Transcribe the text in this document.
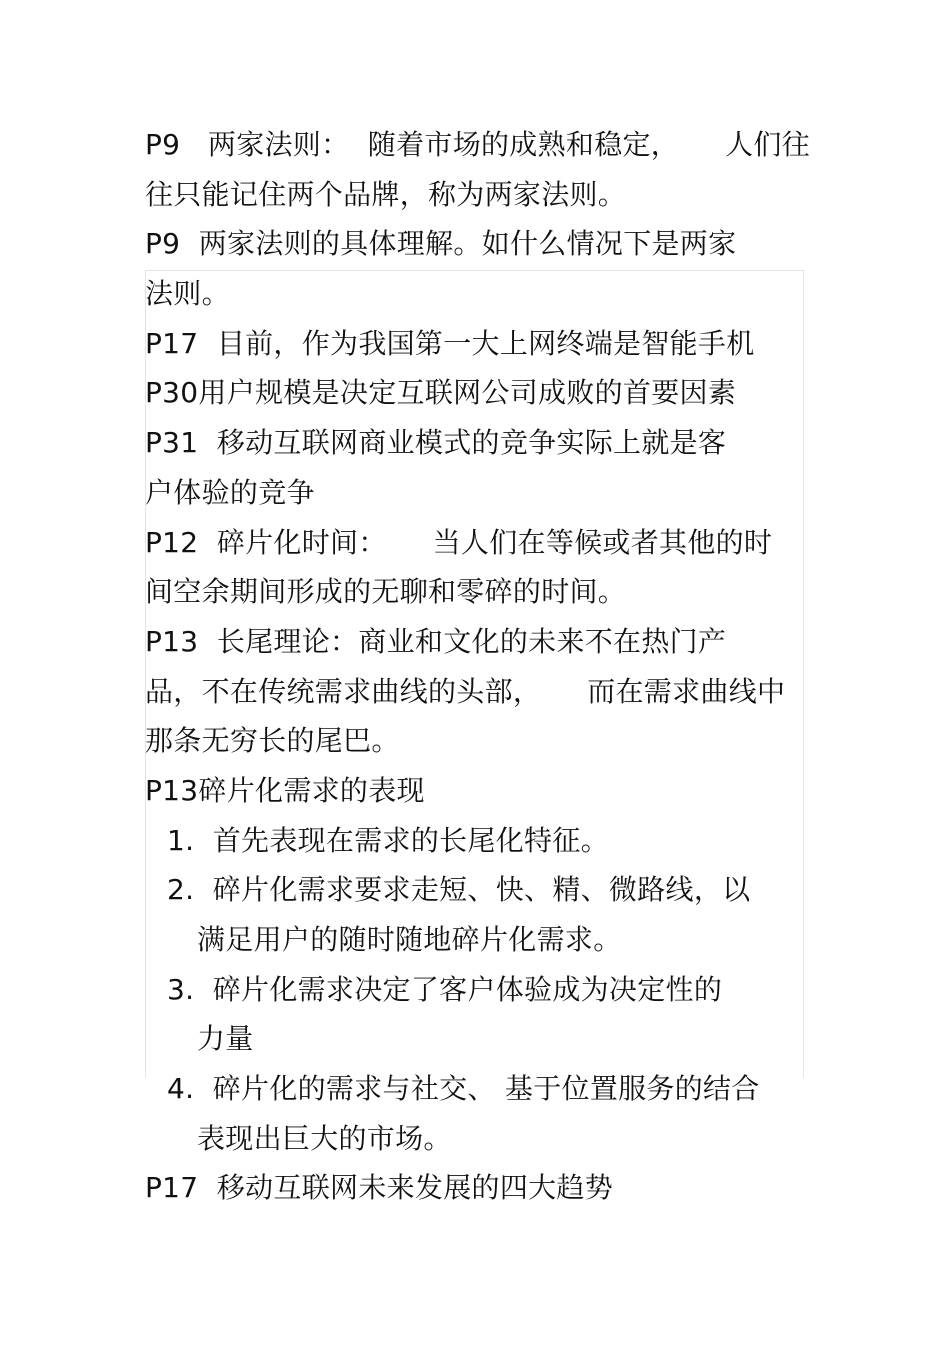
P9   两家法则：  随着市场的成熟和稳定，     人们往
往只能记住两个品牌，称为两家法则。
P9  两家法则的具体理解。如什么情况下是两家
法则。
P17  目前，作为我国第一大上网终端是智能手机
P30用户规模是决定互联网公司成败的首要因素
P31  移动互联网商业模式的竞争实际上就是客
户体验的竞争
P12  碎片化时间：     当人们在等候或者其他的时
间空余期间形成的无聊和零碎的时间。
P13  长尾理论：商业和文化的未来不在热门产
品，不在传统需求曲线的头部，     而在需求曲线中
那条无穷长的尾巴。
P13碎片化需求的表现
1.  首先表现在需求的长尾化特征。
2.  碎片化需求要求走短、快、精、微路线，以
满足用户的随时随地碎片化需求。
3.  碎片化需求决定了客户体验成为决定性的
力量
4.  碎片化的需求与社交、 基于位置服务的结合
表现出巨大的市场。
P17  移动互联网未来发展的四大趋势
